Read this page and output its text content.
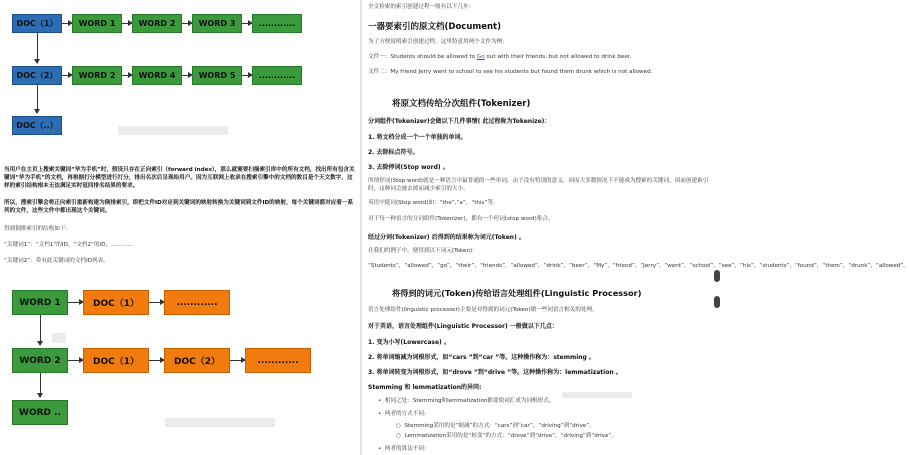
DOC（1）	WORD 1	WORD 2	WORD 3	............
DOC（2）	WORD 2	WORD 4	WORD 5	............
DOC（..）
当用户在主页上搜索关键词“华为手机”时，假设只存在正向索引（forward index），那么就需要扫描索引库中的所有文档，找出所有包含关键词“华为手机”的文档，再根据打分模型进行打分，排出名次后呈现给用户。因为互联网上收录在搜索引擎中的文档的数目是个天文数字，这样的索引结构根本无法满足实时返回排名结果的要求。
所以，搜索引擎会将正向索引重新构建为倒排索引，即把文件ID对应到关键词的映射转换为关键词到文件ID的映射，每个关键词都对应着一系列的文件，这些文件中都出现这个关键词。
得到倒排索引的结构如下：
“关键词1”：“文档1”的ID，“文档2”的ID，…………
“关键词2”：带有此关键词的文档ID列表。
WORD 1	DOC（1）	............
WORD 2	DOC（1）	DOC（2）	............
WORD ..
全文检索的索引创建过程一般有以下几步：
一器要索引的原文档(Document)
为了方便说明索引创建过程，这里特意用两个文件为例：
文件一：Students should be allowed to Go out with their friends, but not allowed to drink beer.
文件二：My friend Jerry went to school to see his students but found them drunk which is not allowed.
将原文档传给分次组件(Tokenizer)
分词组件(Tokenizer)会做以下几件事情( 此过程称为Tokenize)：
1. 将文档分成一个一个单独的单词。
2. 去除标点符号。
3. 去除停词(Stop word) 。
所谓停词(Stop word)就是一种语言中最普通的一些单词，由于没有特别的意义，因而大多数情况下不能成为搜索的关键词，因而创建索引时，这种词会被去掉而减少索引的大小。
英语中挺词(Stop word)如：“the”,“a”，“this”等。
对于每一种语言的分词组件(Tokenizer)，都有一个停词(stop word)集合。
经过分词(Tokenizer) 后得到的结果称为词元(Token) 。
在我们的例子中，便得到以下词元(Token)：
“Students”，“allowed”，“go”，“their”，“friends”，“allowed”，“drink”，“beer”，“My”，“friend”，“Jerry”，“went”，“school”，“see”，“his”，“students”，“found”，“them”，“drunk”，“allowed”。
将得到的词元(Token)传给语言处理组件(Linguistic Processor)
语言处理组件(linguistic processor)主要是对得到的词元(Token)做一些同语言相关的处理。
对于英语，语言处理组件(Linguistic Processor) 一般做以下几点：
1. 变为小写(Lowercase) 。
2. 将单词缩减为词根形式，如“cars ”到“car ”等。这种操作称为：stemming 。
3. 将单词转变为词根形式，如“drove ”到“drive ”等。这种操作称为：lemmatization 。
Stemming 和 lemmatization的异同:
•  相同之处：Stemming和lemmatization都要使词汇成为词根形式。
•  两者的方式不同:
○  Stemming采用的是“缩减”的方式：“cars”到“car”，“driving”到“drive”。
○  Lemmatization采用的是“转变”的方式：“drove”到“drive”，“driving”到“drive”。
•  两者的算法不同:
